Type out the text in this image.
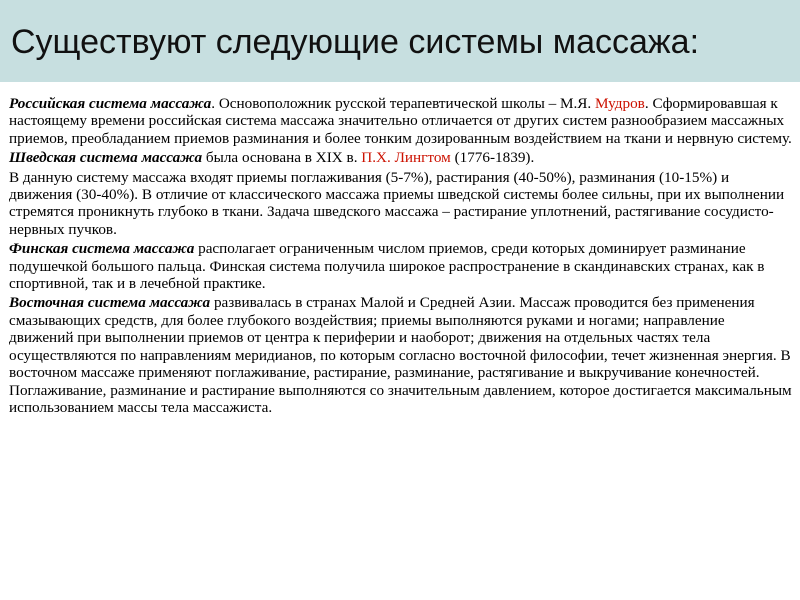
Существуют следующие системы массажа:

Российская система массажа. Основоположник русской терапевтической школы – М.Я. Мудров. Сформировавшая к настоящему времени российская система массажа значительно отличается от других систем разнообразием массажных приемов, преобладанием приемов разминания и более тонким дозированным воздействием на ткани и нервную систему.

Шведская система массажа была основана в XIX в. П.Х. Лингтом (1776-1839).

В данную систему массажа входят приемы поглаживания (5-7%), растирания (40-50%), разминания (10-15%) и движения (30-40%). В отличие от классического массажа приемы шведской системы более сильны, при их выполнении стремятся проникнуть глубоко в ткани. Задача шведского массажа – растирание уплотнений, растягивание сосудисто-нервных пучков.

Финская система массажа располагает ограниченным числом приемов, среди которых доминирует разминание подушечкой большого пальца. Финская система получила широкое распространение в скандинавских странах, как в спортивной, так и в лечебной практике.

Восточная система массажа развивалась в странах Малой и Средней Азии. Массаж проводится без применения смазывающих средств, для более глубокого воздействия; приемы выполняются руками и ногами; направление движений при выполнении приемов от центра к периферии и наоборот; движения на отдельных частях тела осуществляются по направлениям меридианов, по которым согласно восточной философии, течет жизненная энергия. В восточном массаже применяют поглаживание, растирание, разминание, растягивание и выкручивание конечностей. Поглаживание, разминание и растирание выполняются со значительным давлением, которое достигается максимальным использованием массы тела массажиста.
